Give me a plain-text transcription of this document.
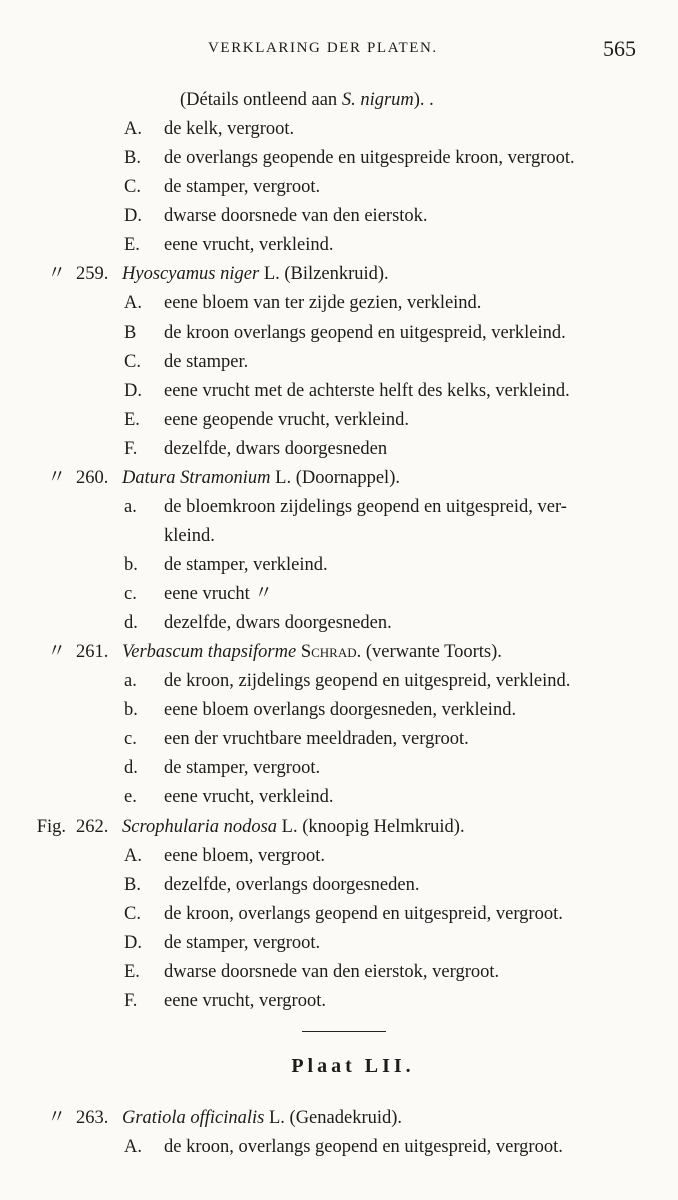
VERKLARING DER PLATEN.	565
(Détails ontleend aan S. nigrum). .
A. de kelk, vergroot.
B. de overlangs geopende en uitgespreide kroon, vergroot.
C. de stamper, vergroot.
D. dwarse doorsnede van den eierstok.
E. eene vrucht, verkleind.
〃 259. Hyoscyamus niger L. (Bilzenkruid).
A. eene bloem van ter zijde gezien, verkleind.
B de kroon overlangs geopend en uitgespreid, verkleind.
C. de stamper.
D. eene vrucht met de achterste helft des kelks, verkleind.
E. eene geopende vrucht, verkleind.
F. dezelfde, dwars doorgesneden
〃 260. Datura Stramonium L. (Doornappel).
a. de bloemkroon zijdelings geopend en uitgespreid, ver-
kleind.
b. de stamper, verkleind.
c. eene vrucht 〃
d. dezelfde, dwars doorgesneden.
〃 261. Verbascum thapsiforme Schrad. (verwante Toorts).
a. de kroon, zijdelings geopend en uitgespreid, verkleind.
b. eene bloem overlangs doorgesneden, verkleind.
c. een der vruchtbare meeldraden, vergroot.
d. de stamper, vergroot.
e. eene vrucht, verkleind.
Fig. 262. Scrophularia nodosa L. (knoopig Helmkruid).
A. eene bloem, vergroot.
B. dezelfde, overlangs doorgesneden.
C. de kroon, overlangs geopend en uitgespreid, vergroot.
D. de stamper, vergroot.
E. dwarse doorsnede van den eierstok, vergroot.
F. eene vrucht, vergroot.
Plaat LII.
〃 263. Gratiola officinalis L. (Genadekruid).
A. de kroon, overlangs geopend en uitgespreid, vergroot.
